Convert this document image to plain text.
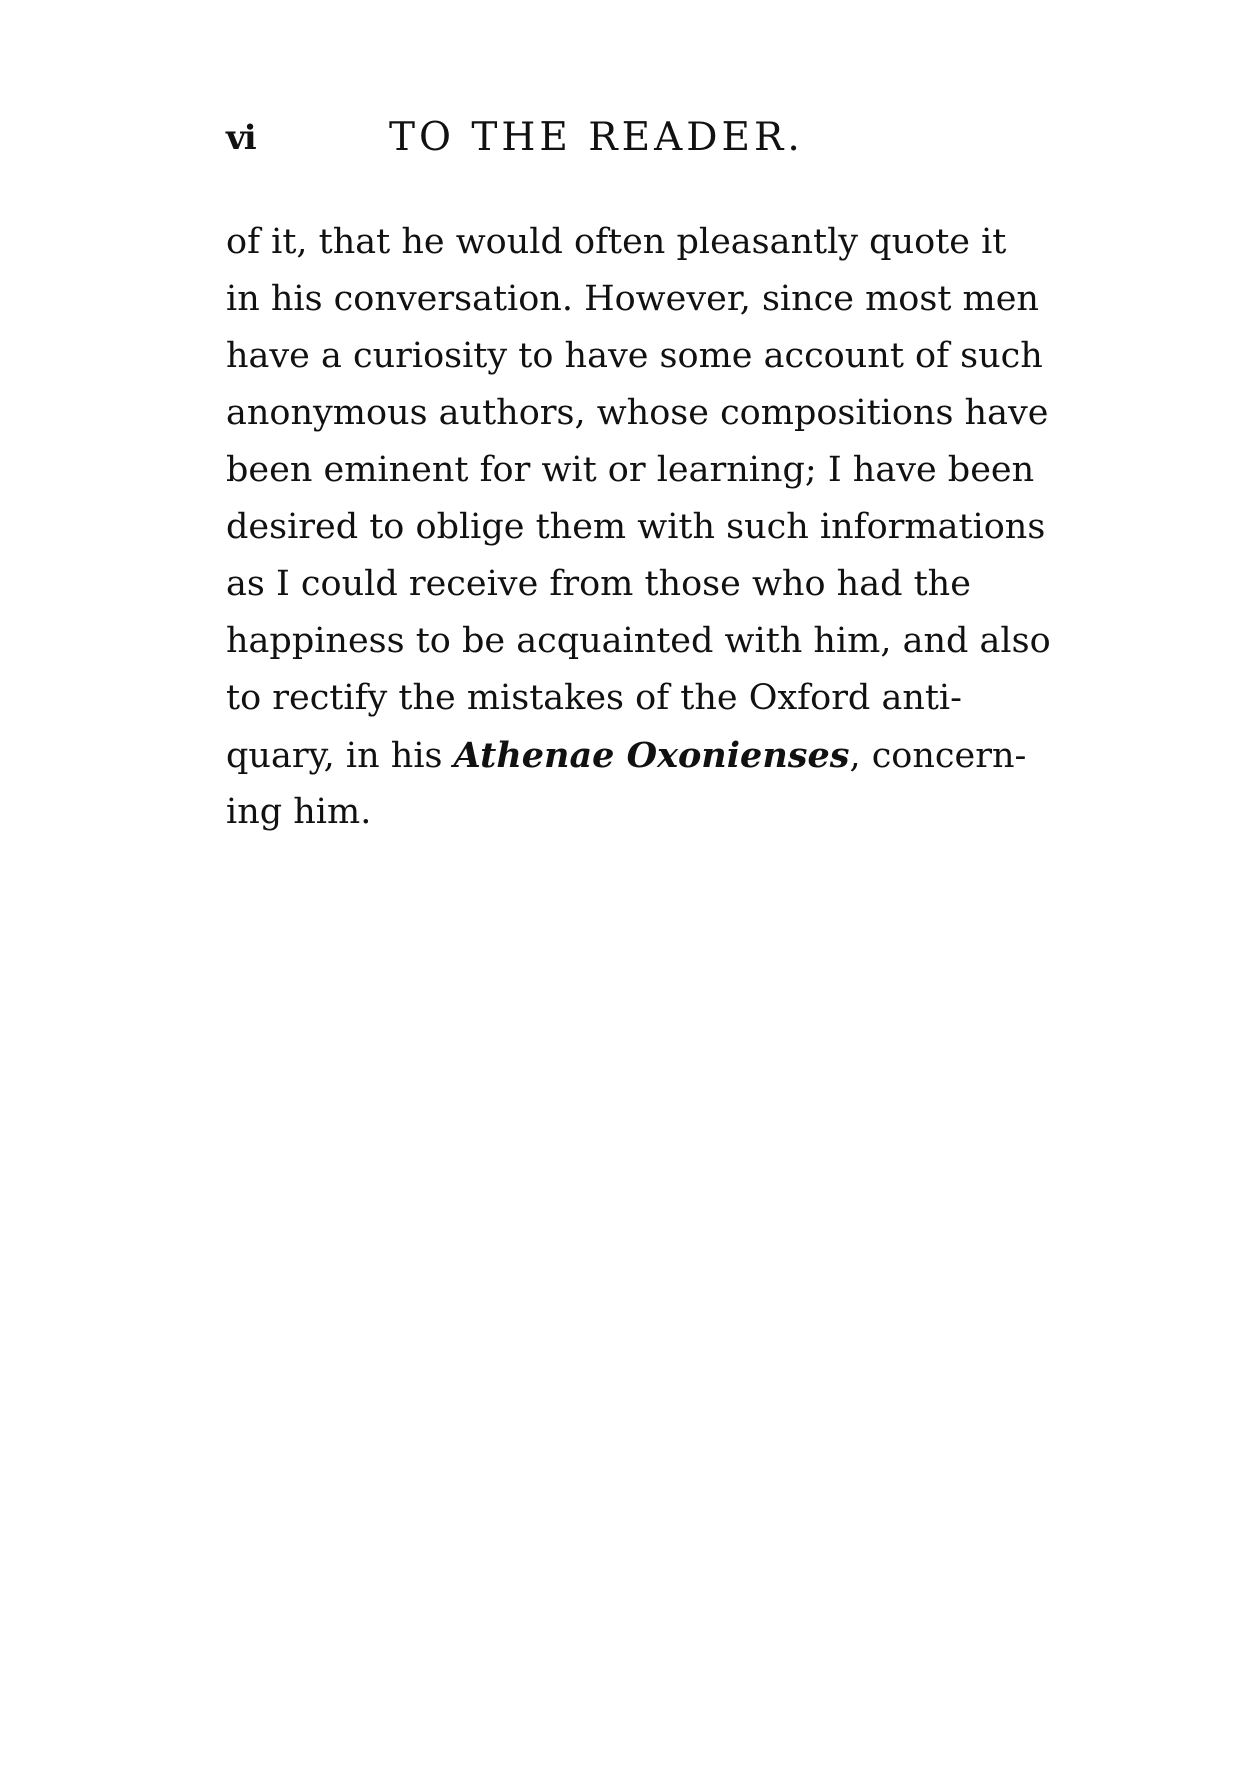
vi	TO THE READER.
of it, that he would often pleasantly quote it
in his conversation. However, since most men
have a curiosity to have some account of such
anonymous authors, whose compositions have
been eminent for wit or learning; I have been
desired to oblige them with such informations
as I could receive from those who had the
happiness to be acquainted with him, and also
to rectify the mistakes of the Oxford anti-
quary, in his Athenae Oxonienses, concern-
ing him.
